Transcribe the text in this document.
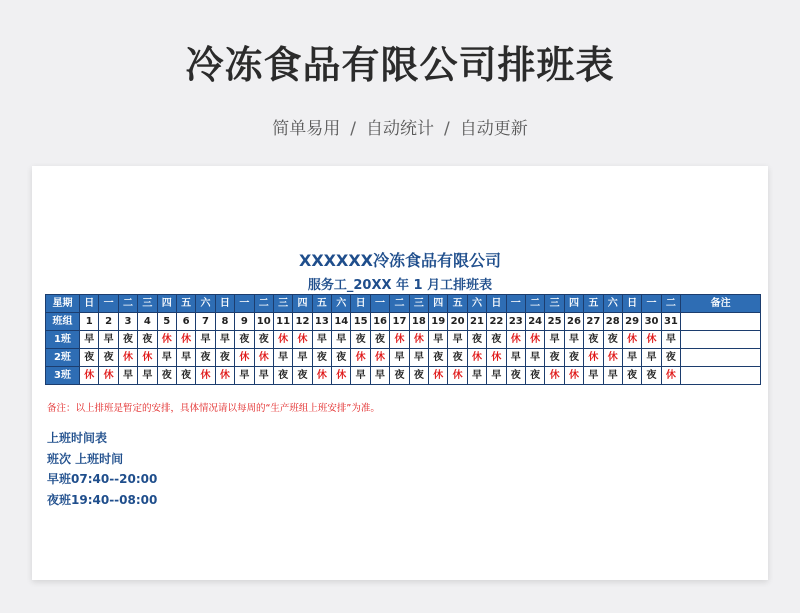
冷冻食品有限公司排班表
简单易用 / 自动统计 / 自动更新
XXXXXX冷冻食品有限公司
服务工_20XX 年 1 月工排班表
星期	日	一	二	三	四	五	六	日	一	二	三	四	五	六	日	一	二	三	四	五	六	日	一	二	三	四	五	六	日	一	二	备注
班组	1	2	3	4	5	6	7	8	9	10	11	12	13	14	15	16	17	18	19	20	21	22	23	24	25	26	27	28	29	30	31	
1班	早	早	夜	夜	休	休	早	早	夜	夜	休	休	早	早	夜	夜	休	休	早	早	夜	夜	休	休	早	早	夜	夜	休	休	早	
2班	夜	夜	休	休	早	早	夜	夜	休	休	早	早	夜	夜	休	休	早	早	夜	夜	休	休	早	早	夜	夜	休	休	早	早	夜	
3班	休	休	早	早	夜	夜	休	休	早	早	夜	夜	休	休	早	早	夜	夜	休	休	早	早	夜	夜	休	休	早	早	夜	夜	休	
备注：以上排班是暂定的安排，具体情况请以每周的“生产班组上班安排”为准。
上班时间表
班次 上班时间
早班07:40--20:00
夜班19:40--08:00
